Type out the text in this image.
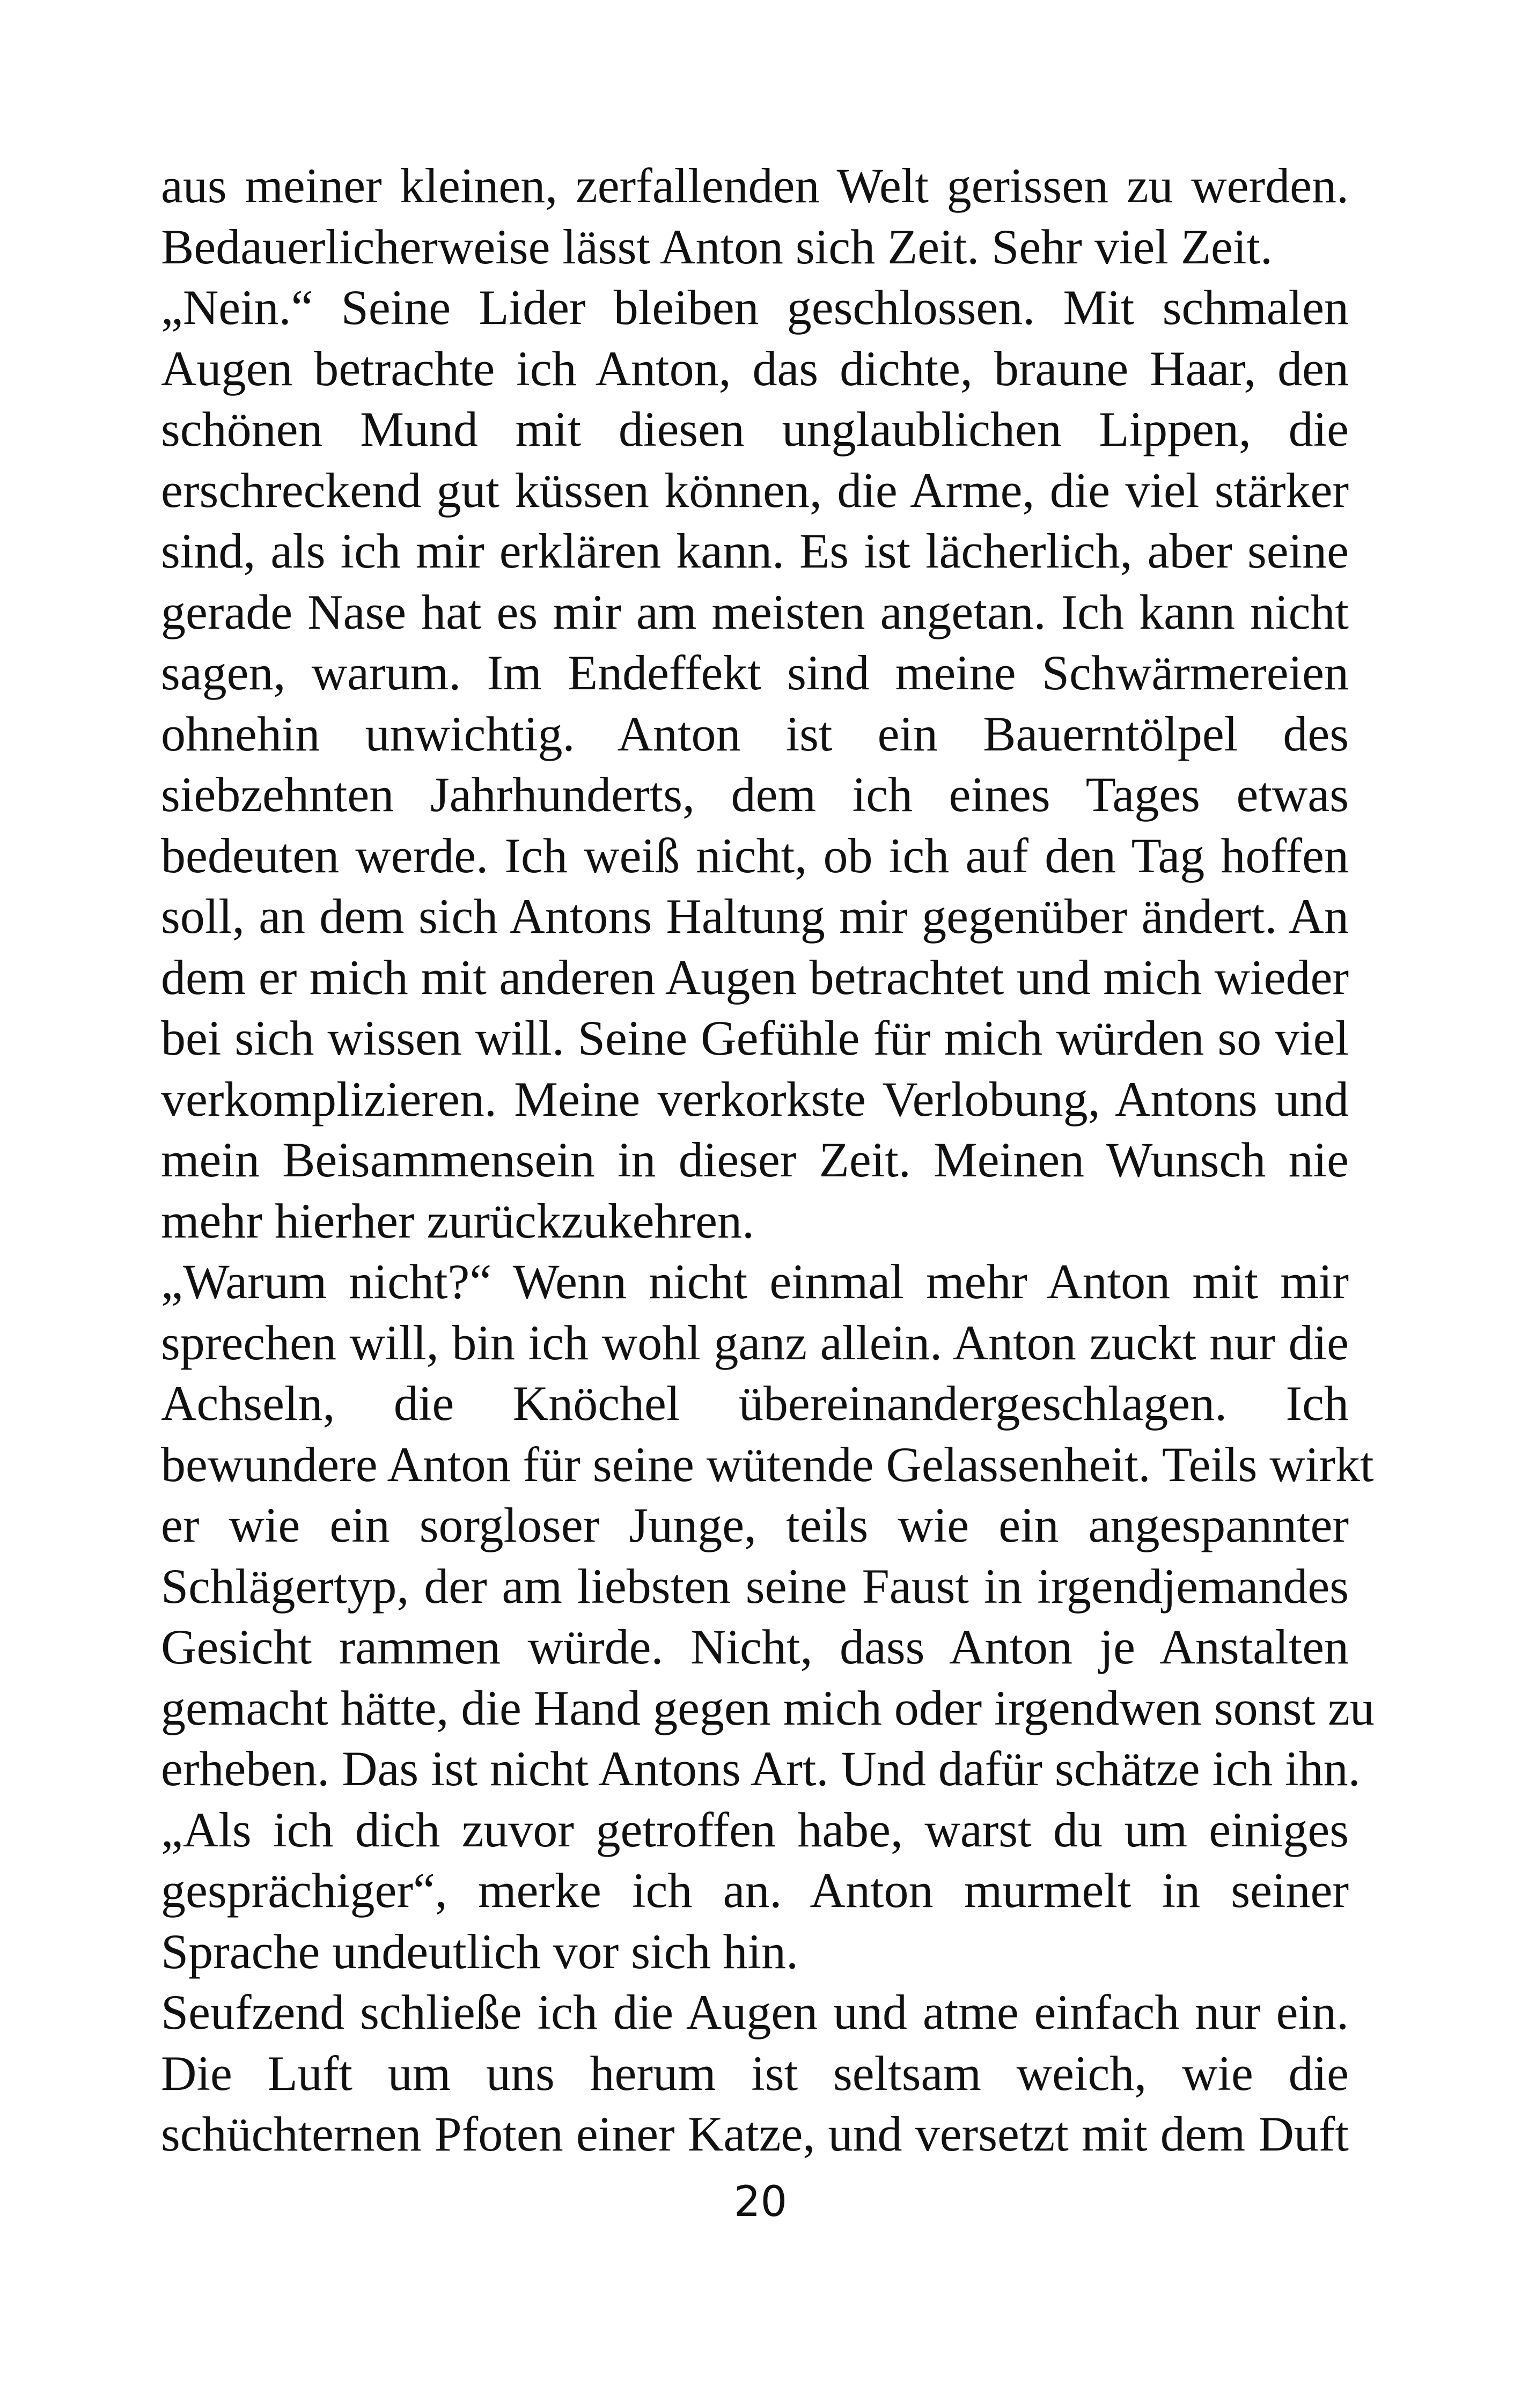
aus meiner kleinen, zerfallenden Welt gerissen zu werden.
Bedauerlicherweise lässt Anton sich Zeit. Sehr viel Zeit.
„Nein.“ Seine Lider bleiben geschlossen. Mit schmalen
Augen betrachte ich Anton, das dichte, braune Haar, den
schönen Mund mit diesen unglaublichen Lippen, die
erschreckend gut küssen können, die Arme, die viel stärker
sind, als ich mir erklären kann. Es ist lächerlich, aber seine
gerade Nase hat es mir am meisten angetan. Ich kann nicht
sagen, warum. Im Endeffekt sind meine Schwärmereien
ohnehin unwichtig. Anton ist ein Bauerntölpel des
siebzehnten Jahrhunderts, dem ich eines Tages etwas
bedeuten werde. Ich weiß nicht, ob ich auf den Tag hoffen
soll, an dem sich Antons Haltung mir gegenüber ändert. An
dem er mich mit anderen Augen betrachtet und mich wieder
bei sich wissen will. Seine Gefühle für mich würden so viel
verkomplizieren. Meine verkorkste Verlobung, Antons und
mein Beisammensein in dieser Zeit. Meinen Wunsch nie
mehr hierher zurückzukehren.
„Warum nicht?“ Wenn nicht einmal mehr Anton mit mir
sprechen will, bin ich wohl ganz allein. Anton zuckt nur die
Achseln, die Knöchel übereinandergeschlagen. Ich
bewundere Anton für seine wütende Gelassenheit. Teils wirkt
er wie ein sorgloser Junge, teils wie ein angespannter
Schlägertyp, der am liebsten seine Faust in irgendjemandes
Gesicht rammen würde. Nicht, dass Anton je Anstalten
gemacht hätte, die Hand gegen mich oder irgendwen sonst zu
erheben. Das ist nicht Antons Art. Und dafür schätze ich ihn.
„Als ich dich zuvor getroffen habe, warst du um einiges
gesprächiger“, merke ich an. Anton murmelt in seiner
Sprache undeutlich vor sich hin.
Seufzend schließe ich die Augen und atme einfach nur ein.
Die Luft um uns herum ist seltsam weich, wie die
schüchternen Pfoten einer Katze, und versetzt mit dem Duft
20
